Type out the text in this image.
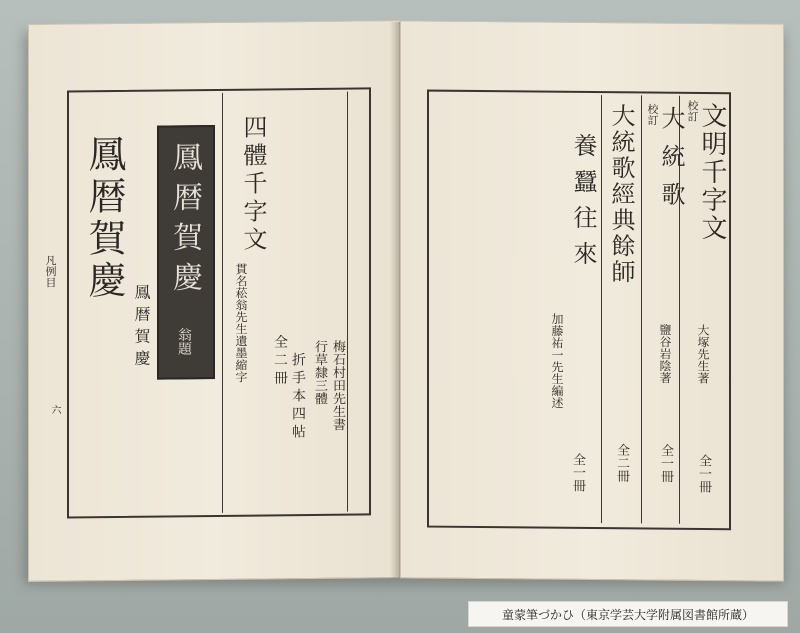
凡例目
六
鳳暦賀慶
鳳暦賀慶
鳳暦賀慶
翁題
四體千字文
貫名菘翁先生遺墨縮字 全二冊 折手本四帖 行草隸三體 梅石村田先生書
校訂
文明千字文
大塚先生著
全一冊
校訂
大統歌
鹽谷岩陰著
全一冊
大統歌經典餘師
全二冊
養蠶往來
加藤祐一先生編述
全一冊
童蒙筆づかひ（東京学芸大学附属図書館所蔵）
